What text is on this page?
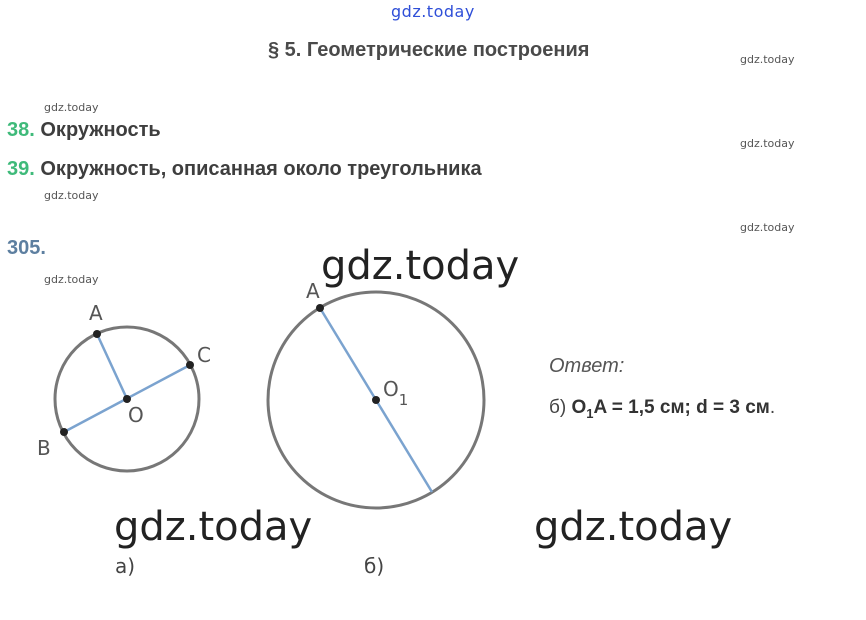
gdz.today
gdz.today
gdz.today
gdz.today
gdz.today
gdz.today
gdz.today
§ 5. Геометрические построения
38. Окружность
39. Окружность, описанная около треугольника
305.	gdz.today
gdz.today	gdz.today
A
O
B
C
A
$O_1$
а)	б)
Ответ:
б) $O_1A = 1,5$ см; d = 3 см.
